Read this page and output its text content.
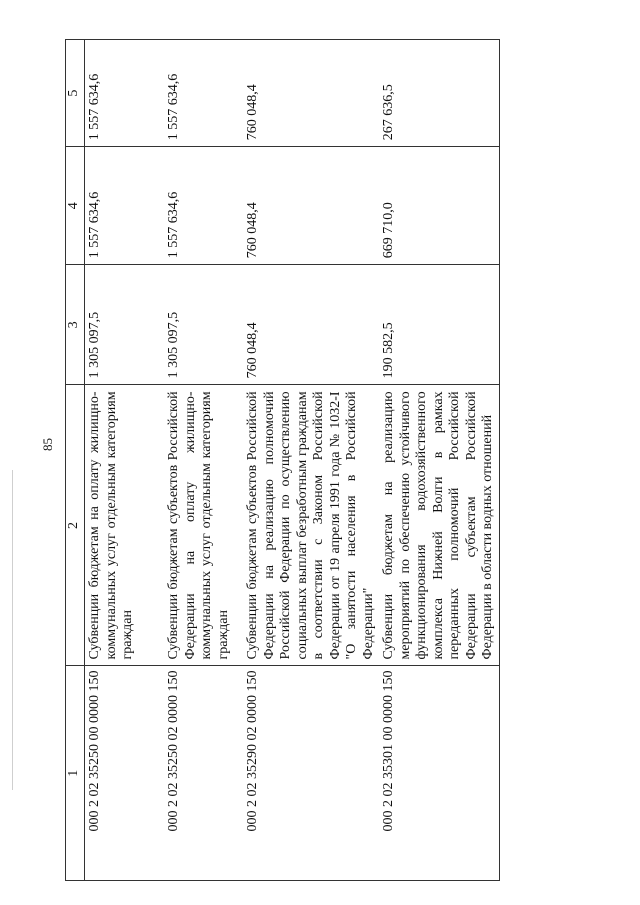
85
1	2	3	4	5
000 2 02 35250 00 0000 150	Субвенции бюджетам на оплату жилищно-коммунальных услуг отдельным категориям граждан	1 305 097,5	1 557 634,6	1 557 634,6
000 2 02 35250 02 0000 150	Субвенции бюджетам субъектов Российской Федерации на оплату жилищно-коммунальных услуг отдельным категориям граждан	1 305 097,5	1 557 634,6	1 557 634,6
000 2 02 35290 02 0000 150	Субвенции бюджетам субъектов Российской Федерации на реализацию полномочий Российской Федерации по осуществлению социальных выплат безработным гражданам в соответствии с Законом Российской Федерации от 19 апреля 1991 года № 1032-I "О занятости населения в Российской Федерации"	760 048,4	760 048,4	760 048,4
000 2 02 35301 00 0000 150	Субвенции бюджетам на реализацию мероприятий по обеспечению устойчивого функционирования водохозяйственного комплекса Нижней Волги в рамках переданных полномочий Российской Федерации субъектам Российской Федерации в области водных отношений	190 582,5	669 710,0	267 636,5
